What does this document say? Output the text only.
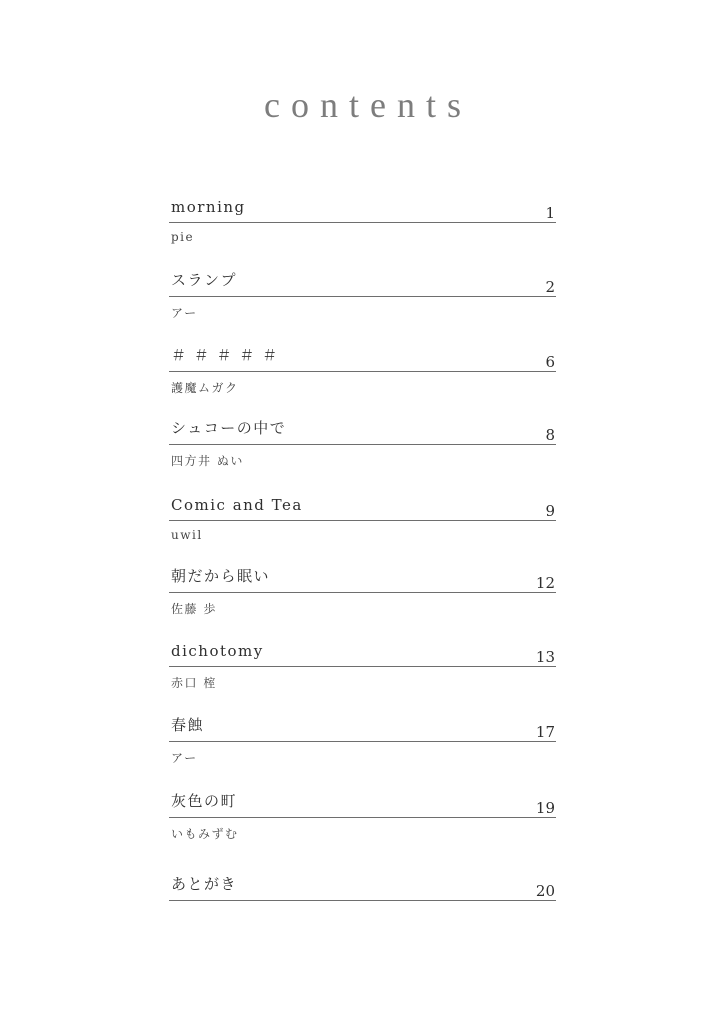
contents
morning	1
pie
スランプ	2
アー
＃ ＃ ＃ ＃ ＃	6
護魔ムガク
シュコーの中で	8
四方井 ぬい
Comic and Tea	9
uwil
朝だから眠い	12
佐藤 歩
dichotomy	13
赤口 榁
春蝕	17
アー
灰色の町	19
いもみずむ
あとがき	20
